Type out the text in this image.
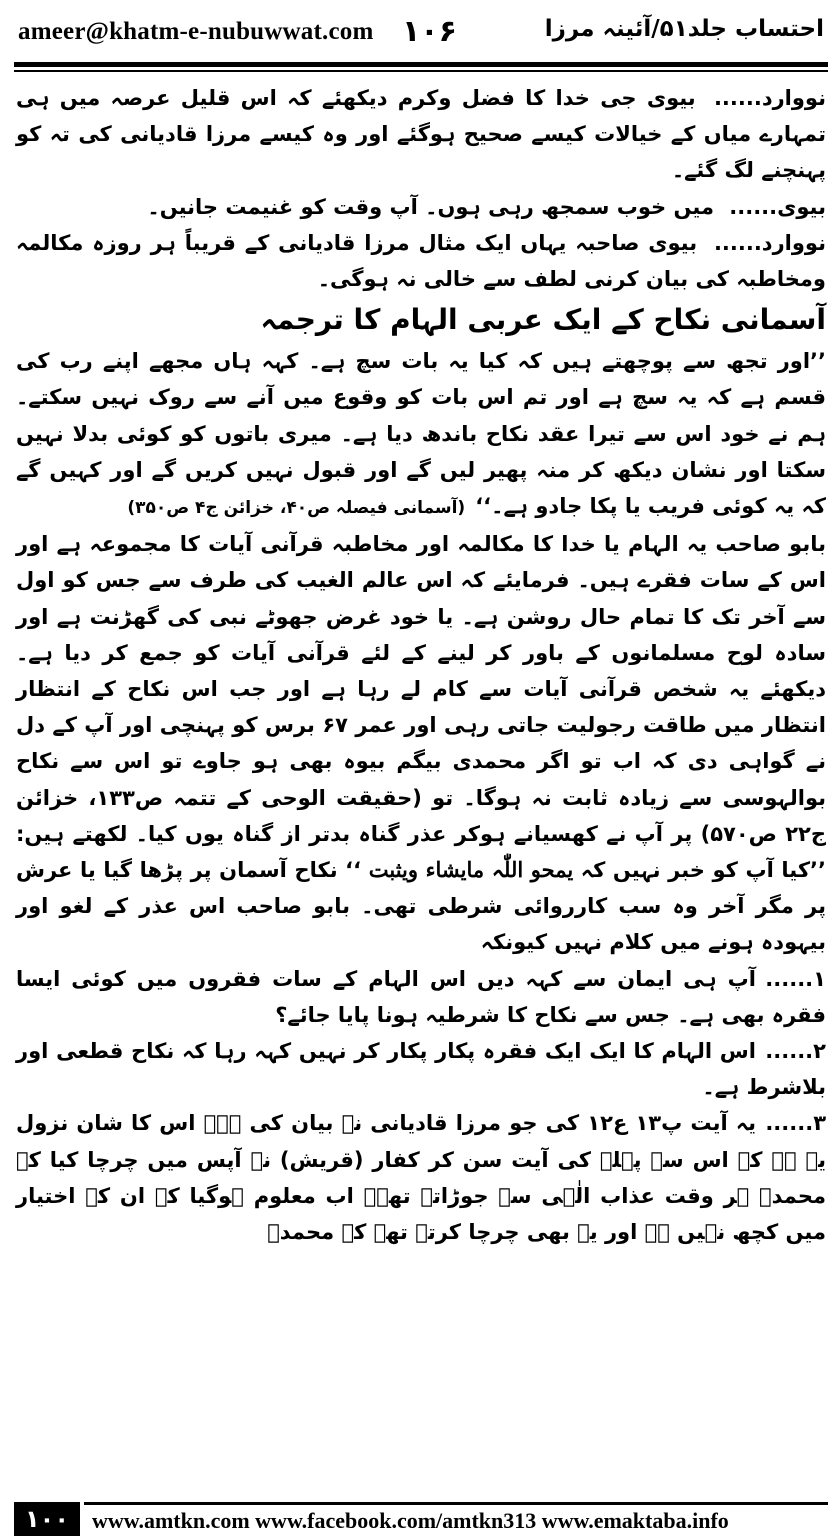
ameer@khatm-e-nubuwwat.com ۱۰۶	احتساب جلد۵۱/آئینہ مرزا

نووارد...... بیوی جی خدا کا فضل وکرم دیکھئے کہ اس قلیل عرصہ میں ہی تمہارے میاں کے خیالات کیسے صحیح ہوگئے اور وہ کیسے مرزا قادیانی کی تہ کو پہنچنے لگ گئے۔

بیوی...... میں خوب سمجھ رہی ہوں۔ آپ وقت کو غنیمت جانیں۔

نووارد...... بیوی صاحبہ یہاں ایک مثال مرزا قادیانی کے قریباً ہر روزہ مکالمہ ومخاطبہ کی بیان کرنی لطف سے خالی نہ ہوگی۔

آسمانی نکاح کے ایک عربی الہام کا ترجمہ

’’اور تجھ سے پوچھتے ہیں کہ کیا یہ بات سچ ہے۔ کہہ ہاں مجھے اپنے رب کی قسم ہے کہ یہ سچ ہے اور تم اس بات کو وقوع میں آنے سے روک نہیں سکتے۔ ہم نے خود اس سے تیرا عقد نکاح باندھ دیا ہے۔ میری باتوں کو کوئی بدلا نہیں سکتا اور نشان دیکھ کر منہ پھیر لیں گے اور قبول نہیں کریں گے اور کہیں گے کہ یہ کوئی فریب یا پکا جادو ہے۔‘‘(آسمانی فیصلہ ص۴۰، خزائن ج۴ ص۳۵۰)

بابو صاحب یہ الہام یا خدا کا مکالمہ اور مخاطبہ قرآنی آیات کا مجموعہ ہے اور اس کے سات فقرے ہیں۔ فرمایئے کہ اس عالم الغیب کی طرف سے جس کو اول سے آخر تک کا تمام حال روشن ہے۔ یا خود غرض جھوٹے نبی کی گھڑنت ہے اور سادہ لوح مسلمانوں کے باور کر لینے کے لئے قرآنی آیات کو جمع کر دیا ہے۔ دیکھئے یہ شخص قرآنی آیات سے کام لے رہا ہے اور جب اس نکاح کے انتظار انتظار میں طاقت رجولیت جاتی رہی اور عمر ۶۷ برس کو پہنچی اور آپ کے دل نے گواہی دی کہ اب تو اگر محمدی بیگم بیوہ بھی ہو جاوے تو اس سے نکاح بوالہوسی سے زیادہ ثابت نہ ہوگا۔ تو (حقیقت الوحی کے تتمہ ص۱۳۳، خزائن ج۲۲ ص۵۷۰) پر آپ نے کھسیانے ہوکر عذر گناہ بدتر از گناہ یوں کیا۔ لکھتے ہیں: ’’کیا آپ کو خبر نہیں کہ یمحو اللّٰہ مایشاء ویثبت ‘‘ نکاح آسمان پر پڑھا گیا یا عرش پر مگر آخر وہ سب کارروائی شرطی تھی۔ بابو صاحب اس عذر کے لغو اور بیہودہ ہونے میں کلام نہیں کیونکہ

۱......آپ ہی ایمان سے کہہ دیں اس الہام کے سات فقروں میں کوئی ایسا فقرہ بھی ہے۔ جس سے نکاح کا شرطیہ ہونا پایا جائے؟

۲......اس الہام کا ایک ایک فقرہ پکار پکار کر نہیں کہہ رہا کہ نکاح قطعی اور بلاشرط ہے۔

۳......یہ آیت پ۱۳ ع۱۲ کی جو مرزا قادیانی نے بیان کی ہے۔ اس کا شان نزول یہ ہے کہ اس سے پہلے کی آیت سن کر کفار (قریش) نے آپس میں چرچا کیا کہ محمدؐ ہر وقت عذاب الٰہی سے جوڑاتے تھے۔ اب معلوم ہوگیا کہ ان کے اختیار میں کچھ نہیں ہے اور یہ بھی چرچا کرتے تھے کہ محمدؐ

۱۰۰	www.amtkn.com www.facebook.com/amtkn313 www.emaktaba.info
